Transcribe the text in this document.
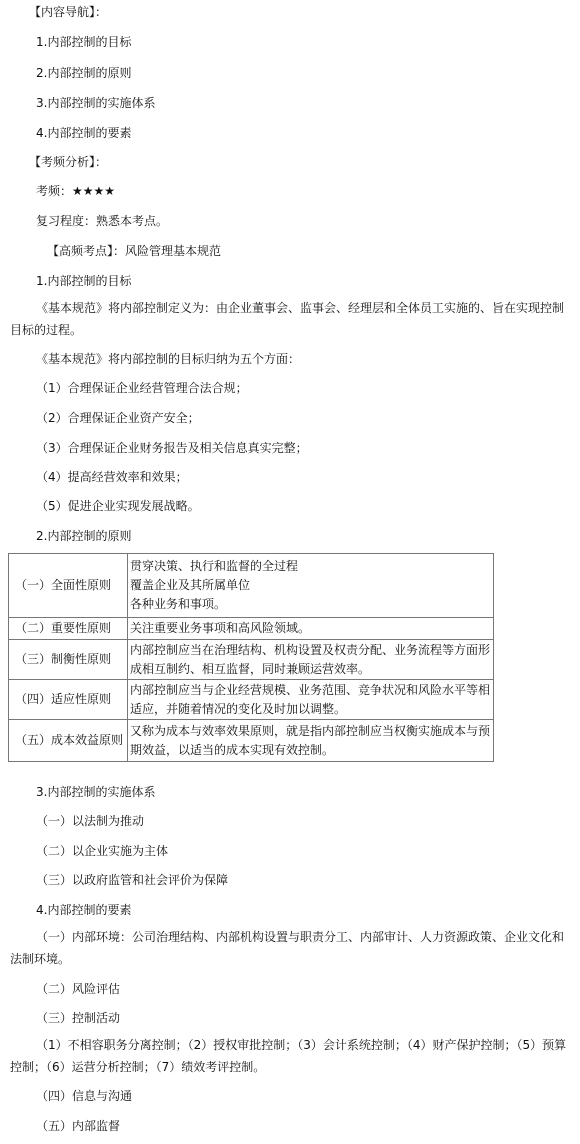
【内容导航】：
1.内部控制的目标
2.内部控制的原则
3.内部控制的实施体系
4.内部控制的要素
【考频分析】：
考频：★★★★
复习程度：熟悉本考点。
【高频考点】：风险管理基本规范
1.内部控制的目标
《基本规范》将内部控制定义为：由企业董事会、监事会、经理层和全体员工实施的、旨在实现控制目标的过程。
《基本规范》将内部控制的目标归纳为五个方面：
（1）合理保证企业经营管理合法合规；
（2）合理保证企业资产安全；
（3）合理保证企业财务报告及相关信息真实完整；
（4）提高经营效率和效果；
（5）促进企业实现发展战略。
2.内部控制的原则
（一）全面性原则	贯穿决策、执行和监督的全过程
覆盖企业及其所属单位
各种业务和事项。

（二）重要性原则	关注重要业务事项和高风险领域。
（三）制衡性原则	内部控制应当在治理结构、机构设置及权责分配、业务流程等方面形成相互制约、相互监督，同时兼顾运营效率。
（四）适应性原则	内部控制应当与企业经营规模、业务范围、竞争状况和风险水平等相适应，并随着情况的变化及时加以调整。
（五）成本效益原则	又称为成本与效率效果原则，就是指内部控制应当权衡实施成本与预期效益，以适当的成本实现有效控制。
3.内部控制的实施体系
（一）以法制为推动
（二）以企业实施为主体
（三）以政府监管和社会评价为保障
4.内部控制的要素
（一）内部环境：公司治理结构、内部机构设置与职责分工、内部审计、人力资源政策、企业文化和法制环境。
（二）风险评估
（三）控制活动
（1）不相容职务分离控制；（2）授权审批控制；（3）会计系统控制；（4）财产保护控制；（5）预算控制；（6）运营分析控制；（7）绩效考评控制。
（四）信息与沟通
（五）内部监督
